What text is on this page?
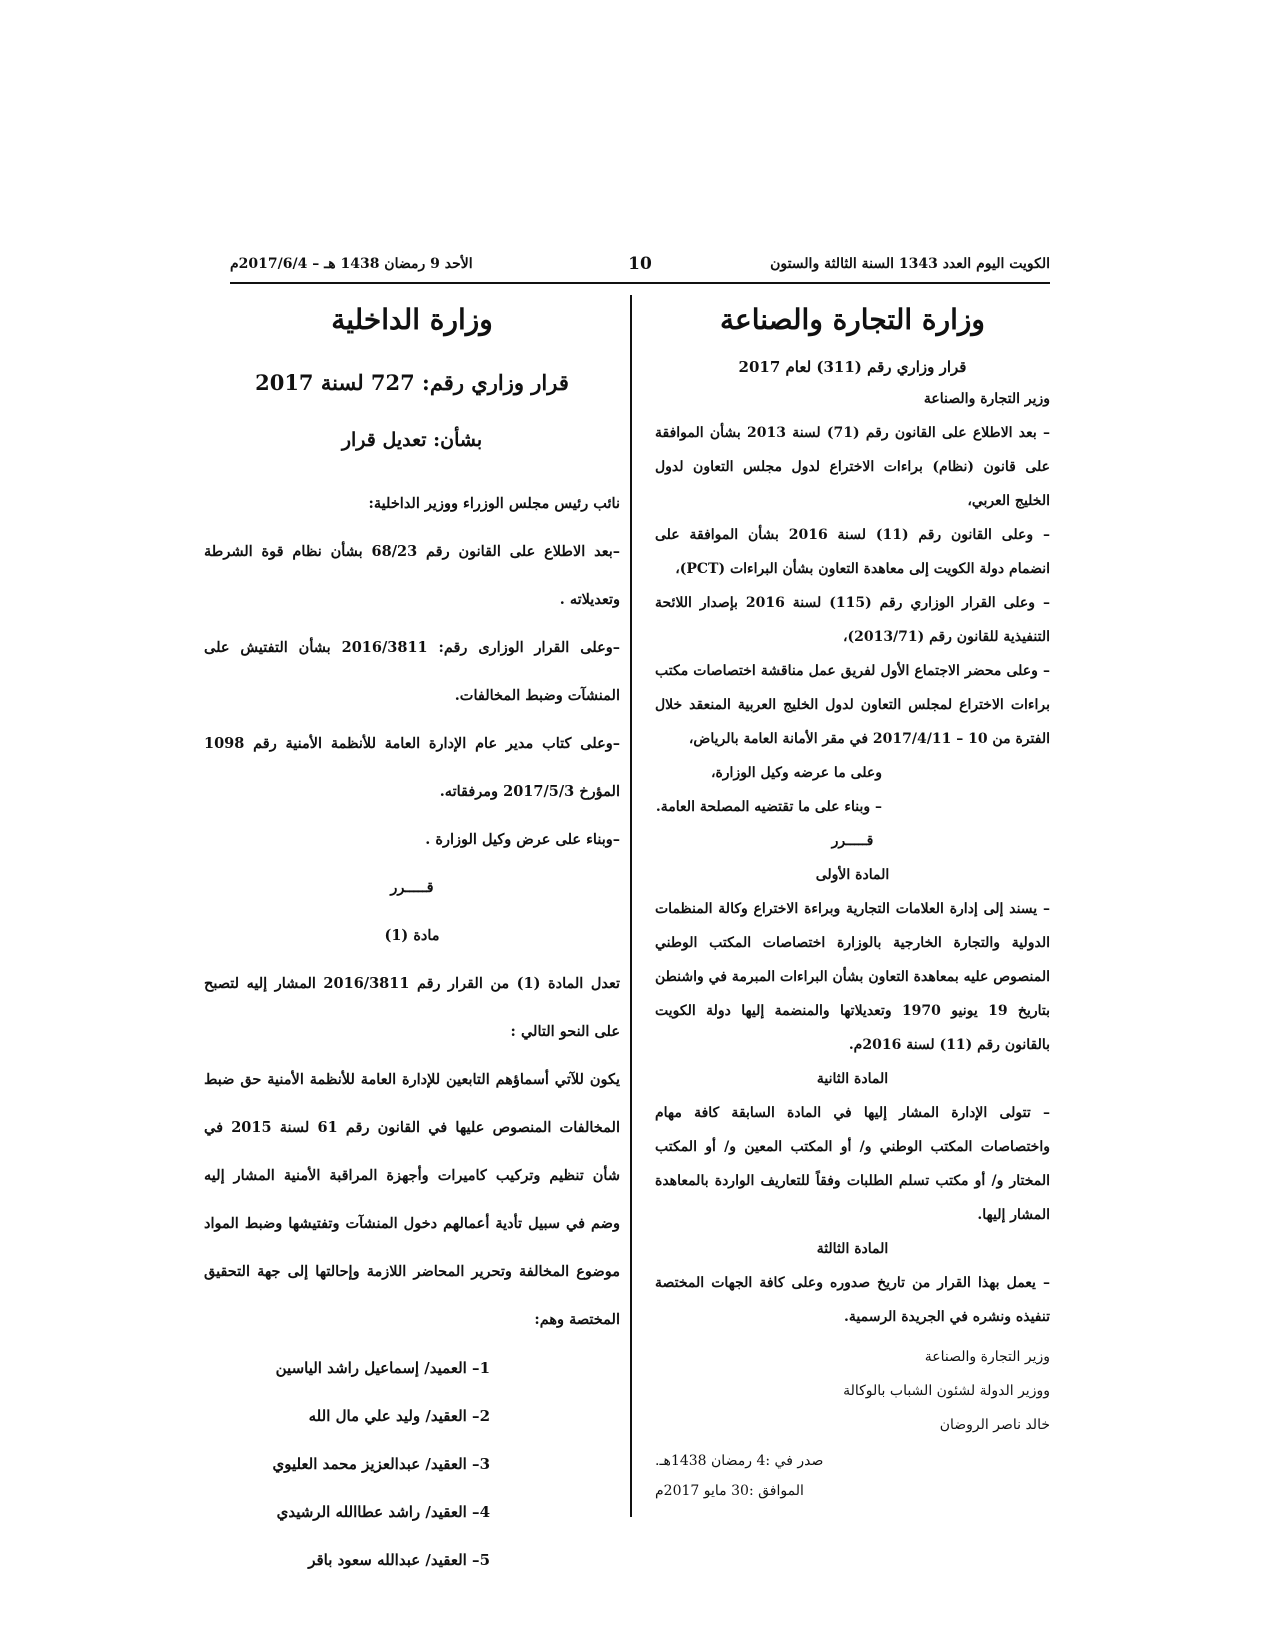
الكويت اليوم العدد 1343 السنة الثالثة والستون
10
الأحد 9 رمضان 1438 هـ – 2017/6/4م
وزارة التجارة والصناعة

قرار وزاري رقم (311) لعام 2017

وزير التجارة والصناعة

– بعد الاطلاع على القانون رقم (71) لسنة 2013 بشأن الموافقة على قانون (نظام) براءات الاختراع لدول مجلس التعاون لدول الخليج العربي،

– وعلى القانون رقم (11) لسنة 2016 بشأن الموافقة على انضمام دولة الكويت إلى معاهدة التعاون بشأن البراءات (PCT)،

– وعلى القرار الوزاري رقم (115) لسنة 2016 بإصدار اللائحة التنفيذية للقانون رقم (2013/71)،

– وعلى محضر الاجتماع الأول لفريق عمل مناقشة اختصاصات مكتب براءات الاختراع لمجلس التعاون لدول الخليج العربية المنعقد خلال الفترة من 10 – 2017/4/11 في مقر الأمانة العامة بالرياض،

وعلى ما عرضه وكيل الوزارة،

– وبناء على ما تقتضيه المصلحة العامة.

قـــــرر

المادة الأولى

– يسند إلى إدارة العلامات التجارية وبراءة الاختراع وكالة المنظمات الدولية والتجارة الخارجية بالوزارة اختصاصات المكتب الوطني المنصوص عليه بمعاهدة التعاون بشأن البراءات المبرمة في واشنطن بتاريخ 19 يونيو 1970 وتعديلاتها والمنضمة إليها دولة الكويت بالقانون رقم (11) لسنة 2016م.

المادة الثانية

– تتولى الإدارة المشار إليها في المادة السابقة كافة مهام واختصاصات المكتب الوطني و/ أو المكتب المعين و/ أو المكتب المختار و/ أو مكتب تسلم الطلبات وفقاً للتعاريف الواردة بالمعاهدة المشار إليها.

المادة الثالثة

– يعمل بهذا القرار من تاريخ صدوره وعلى كافة الجهات المختصة تنفيذه ونشره في الجريدة الرسمية.

وزير التجارة والصناعة

ووزير الدولة لشئون الشباب بالوكالة

خالد ناصر الروضان

صدر في :4 رمضان 1438هـ.

الموافق :30 مايو 2017م

وزارة الداخلية

قرار وزاري رقم: 727 لسنة 2017

بشأن: تعديل قرار

نائب رئيس مجلس الوزراء ووزير الداخلية:

–بعد الاطلاع على القانون رقم 68/23 بشأن نظام قوة الشرطة وتعديلاته .

–وعلى القرار الوزارى رقم: 2016/3811 بشأن التفتيش على المنشآت وضبط المخالفات.

–وعلى كتاب مدير عام الإدارة العامة للأنظمة الأمنية رقم 1098 المؤرخ 2017/5/3 ومرفقاته.

–وبناء على عرض وكيل الوزارة .

قـــــرر

مادة (1)

تعدل المادة (1) من القرار رقم 2016/3811 المشار إليه لتصبح على النحو التالي :

يكون للآتي أسماؤهم التابعين للإدارة العامة للأنظمة الأمنية حق ضبط المخالفات المنصوص عليها في القانون رقم 61 لسنة 2015 في شأن تنظيم وتركيب كاميرات وأجهزة المراقبة الأمنية المشار إليه وضم في سبيل تأدية أعمالهم دخول المنشآت وتفتيشها وضبط المواد موضوع المخالفة وتحرير المحاضر اللازمة وإحالتها إلى جهة التحقيق المختصة وهم:

1– العميد/ إسماعيل راشد الياسين
2– العقيد/ وليد علي مال الله
3– العقيد/ عبدالعزيز محمد العليوي
4– العقيد/ راشد عطاالله الرشيدي
5– العقيد/ عبدالله سعود باقر
